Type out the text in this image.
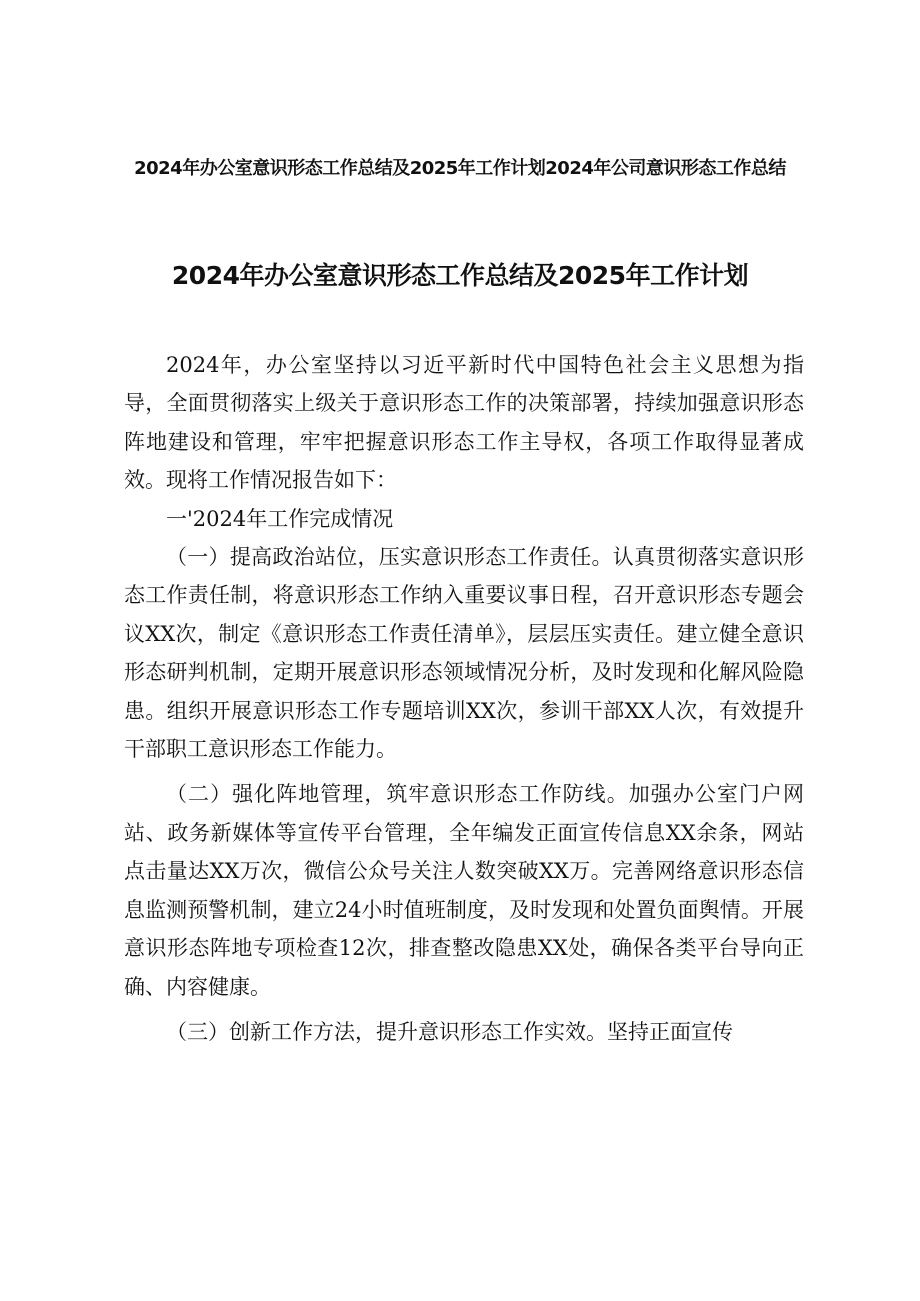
2024年办公室意识形态工作总结及2025年工作计划2024年公司意识形态工作总结
2024年办公室意识形态工作总结及2025年工作计划

2024年，办公室坚持以习近平新时代中国特色社会主义思想为指导，全面贯彻落实上级关于意识形态工作的决策部署，持续加强意识形态阵地建设和管理，牢牢把握意识形态工作主导权，各项工作取得显著成效。现将工作情况报告如下：

一'2024年工作完成情况

（一）提高政治站位，压实意识形态工作责任。认真贯彻落实意识形态工作责任制，将意识形态工作纳入重要议事日程，召开意识形态专题会议XX次，制定《意识形态工作责任清单》，层层压实责任。建立健全意识形态研判机制，定期开展意识形态领域情况分析，及时发现和化解风险隐患。组织开展意识形态工作专题培训XX次，参训干部XX人次，有效提升干部职工意识形态工作能力。

（二）强化阵地管理，筑牢意识形态工作防线。加强办公室门户网站、政务新媒体等宣传平台管理，全年编发正面宣传信息XX余条，网站点击量达XX万次，微信公众号关注人数突破XX万。完善网络意识形态信息监测预警机制，建立24小时值班制度，及时发现和处置负面舆情。开展意识形态阵地专项检查12次，排查整改隐患XX处，确保各类平台导向正确、内容健康。

（三）创新工作方法，提升意识形态工作实效。坚持正面宣传
